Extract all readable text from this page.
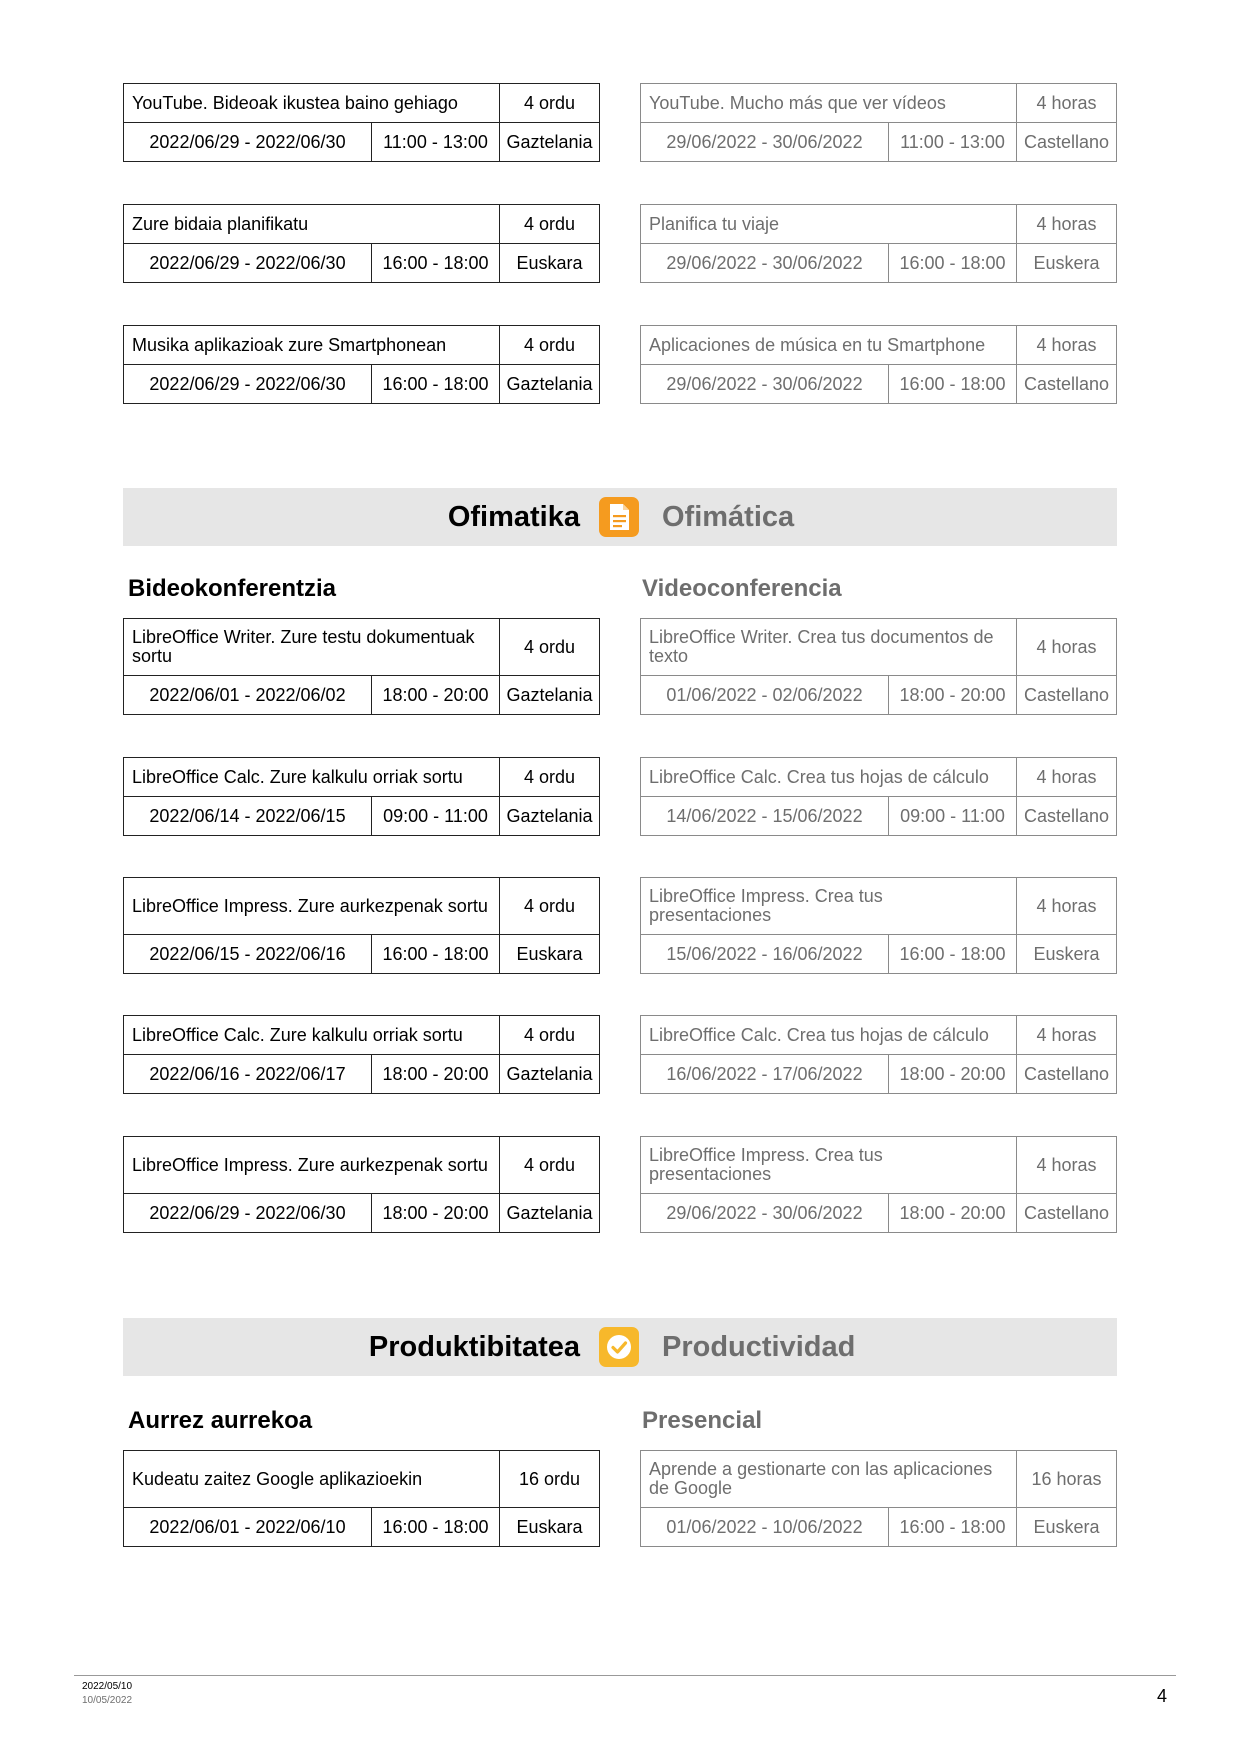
YouTube. Bideoak ikustea baino gehiago	4 ordu
2022/06/29 - 2022/06/30	11:00 - 13:00	Gaztelania
YouTube. Mucho más que ver vídeos	4 horas
29/06/2022 - 30/06/2022	11:00 - 13:00	Castellano
Zure bidaia planifikatu	4 ordu
2022/06/29 - 2022/06/30	16:00 - 18:00	Euskara
Planifica tu viaje	4 horas
29/06/2022 - 30/06/2022	16:00 - 18:00	Euskera
Musika aplikazioak zure Smartphonean	4 ordu
2022/06/29 - 2022/06/30	16:00 - 18:00 Gaztelania
Aplicaciones de música en tu Smartphone	4 horas
29/06/2022 - 30/06/2022	16:00 - 18:00	Castellano
Ofimatika	Ofimática
Bideokonferentzia	Videoconferencia
LibreOffice Writer. Zure testu dokumentuak sortu	4 ordu
2022/06/01 - 2022/06/02	18:00 - 20:00 Gaztelania
LibreOffice Writer. Crea tus documentos de texto	4 horas
01/06/2022 - 02/06/2022	18:00 - 20:00	Castellano
LibreOffice Calc. Zure kalkulu orriak sortu	4 ordu
2022/06/14 - 2022/06/15	09:00 - 11:00	Gaztelania
LibreOffice Calc. Crea tus hojas de cálculo	4 horas
14/06/2022 - 15/06/2022	09:00 - 11:00	Castellano
LibreOffice Impress. Zure aurkezpenak sortu	4 ordu
2022/06/15 - 2022/06/16	16:00 - 18:00	Euskara
LibreOffice Impress. Crea tus presentaciones	4 horas
15/06/2022 - 16/06/2022	16:00 - 18:00	Euskera
LibreOffice Calc. Zure kalkulu orriak sortu	4 ordu
2022/06/16 - 2022/06/17	18:00 - 20:00 Gaztelania
LibreOffice Calc. Crea tus hojas de cálculo	4 horas
16/06/2022 - 17/06/2022	18:00 - 20:00	Castellano
LibreOffice Impress. Zure aurkezpenak sortu	4 ordu
2022/06/29 - 2022/06/30	18:00 - 20:00 Gaztelania
LibreOffice Impress. Crea tus presentaciones	4 horas
29/06/2022 - 30/06/2022	18:00 - 20:00	Castellano
Produktibitatea	Productividad
Aurrez aurrekoa	Presencial
Kudeatu zaitez Google aplikazioekin	16 ordu
2022/06/01 - 2022/06/10	16:00 - 18:00	Euskara
Aprende a gestionarte con las aplicaciones de Google	16 horas
01/06/2022 - 10/06/2022	16:00 - 18:00	Euskera
2022/05/10
10/05/2022	4
